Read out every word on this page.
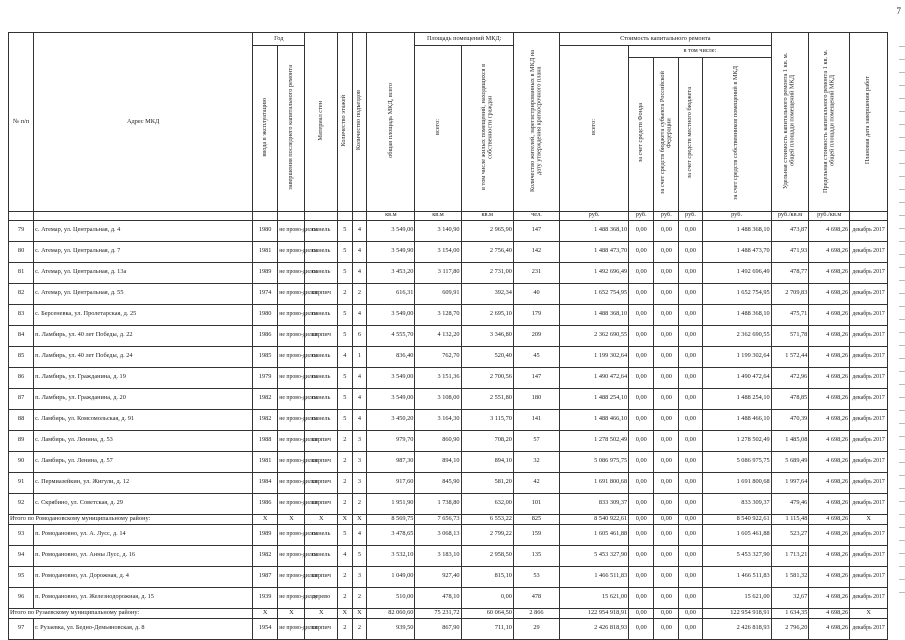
7
№ п/п	Адрес МКД	Год		Материал стен	Количество этажей	Количество подъездов	общая площадь МКД, всего	Площадь помещений МКД:		Количество жителей, зарегистрированных в МКД на дату утверждения краткосрочного плана	Стоимость капитального ремонта					Удельная стоимость капитального ремонта 1 кв. м. общей площади помещений МКД	Предельная стоимость капитального ремонта 1 кв. м. общей площади помещений МКД	Плановая дата завершения работ
		ввода в эксплуатацию	завершения последнего капитального ремонта					всего:	в том числе жилых помещений, находящихся в собственности граждан		всего:	в том числе:						
												за счет средств Фонда	за счет средств бюджета субъекта Российской Федерации	за счет средств местного бюджета	за счет средств собственников помещений в МКД			
							кв.м	кв.м	кв.м	чел.	руб.	руб.	руб.	руб.	руб.	руб./кв.м	руб./кв.м	
79	с. Атемар, ул. Центральная, д. 4	1980	не прово-дился	панель	5	4	3 549,00	3 140,90	2 965,90	147	1 488 368,10	0,00	0,00	0,00	1 488 368,10	473,87	4 698,26	декабрь 2017
80	с. Атемар, ул. Центральная, д. 7	1981	не прово-дился	панель	5	4	3 549,90	3 154,00	2 756,40	142	1 488 473,70	0,00	0,00	0,00	1 488 473,70	471,93	4 698,26	декабрь 2017
81	с. Атемар, ул. Центральная, д. 13а	1989	не прово-дился	панель	5	4	3 453,20	3 117,80	2 731,00	231	1 492 696,49	0,00	0,00	0,00	1 492 696,49	478,77	4 698,26	декабрь 2017
82	с. Атемар, ул. Центральная, д. 55	1974	не прово-дился	кирпич	2	2	616,31	609,91	392,34	40	1 652 754,95	0,00	0,00	0,00	1 652 754,95	2 709,83	4 698,26	декабрь 2017
83	с. Берсеневка, ул. Пролетарская, д. 25	1980	не прово-дился	панель	5	4	3 549,00	3 128,70	2 695,10	179	1 488 368,10	0,00	0,00	0,00	1 488 368,10	475,71	4 698,26	декабрь 2017
84	п. Ламбирь, ул. 40 лет Победы, д. 22	1986	не прово-дился	кирпич	5	6	4 555,70	4 132,20	3 346,80	209	2 362 690,55	0,00	0,00	0,00	2 362 690,55	571,78	4 698,26	декабрь 2017
85	п. Ламбирь, ул. 40 лет Победы, д. 24	1985	не прово-дился	панель	4	1	836,40	762,70	520,40	45	1 199 302,64	0,00	0,00	0,00	1 199 302,64	1 572,44	4 698,26	декабрь 2017
86	п. Ламбирь, ул. Гражданина, д. 19	1979	не прово-дился	панель	5	4	3 549,00	3 151,36	2 700,56	147	1 490 472,64	0,00	0,00	0,00	1 490 472,64	472,96	4 698,26	декабрь 2017
87	п. Ламбирь, ул. Гражданина, д. 20	1982	не прово-дился	панель	5	4	3 549,00	3 108,00	2 551,80	180	1 488 254,10	0,00	0,00	0,00	1 488 254,10	478,85	4 698,26	декабрь 2017
88	с. Ламбирь, ул. Комсомольская, д. 91	1982	не прово-дился	панель	5	4	3 450,20	3 164,30	3 115,70	141	1 488 466,10	0,00	0,00	0,00	1 488 466,10	470,39	4 698,26	декабрь 2017
89	с. Ламбирь, ул. Ленина, д. 53	1988	не прово-дился	кирпич	2	3	979,70	860,90	708,20	57	1 278 502,49	0,00	0,00	0,00	1 278 502,49	1 485,08	4 698,26	декабрь 2017
90	с. Ламбирь, ул. Ленина, д. 57	1981	не прово-дился	кирпич	2	3	987,30	894,10	894,10	32	5 086 975,75	0,00	0,00	0,00	5 086 975,75	5 689,49	4 698,26	декабрь 2017
91	с. Пермиазейкин, ул. Жигули, д. 12	1984	не прово-дился	кирпич	2	3	917,60	845,90	581,20	42	1 691 800,68	0,00	0,00	0,00	1 691 800,68	1 997,64	4 698,26	декабрь 2017
92	с. Скрябино, ул. Советская, д. 29	1986	не прово-дился	кирпич	2	2	1 951,90	1 738,80	632,00	101	833 309,37	0,00	0,00	0,00	833 309,37	479,46	4 698,26	декабрь 2017
Итого по Ромодановскому муниципальному району:		X	X	X	X	X	8 569,75	7 656,73	6 553,22	825	8 540 922,61	0,00	0,00	0,00	8 540 922,61	1 115,48	4 698,26	X
93	п. Ромодановно, ул. А. Лусс, д. 14	1989	не прово-дился	панель	5	4	3 478,65	3 068,13	2 799,22	159	1 605 461,88	0,00	0,00	0,00	1 605 461,88	523,27	4 698,26	декабрь 2017
94	п. Ромодановно, ул. Анны Лусс, д. 16	1982	не прово-дился	панель	4	5	3 532,10	3 183,10	2 958,50	135	5 453 327,90	0,00	0,00	0,00	5 453 327,90	1 713,21	4 698,26	декабрь 2017
95	п. Ромодановно, ул. Дорожная, д. 4	1987	не прово-дился	кирпич	2	3	1 049,00	927,40	815,10	53	1 466 511,83	0,00	0,00	0,00	1 466 511,83	1 581,32	4 698,26	декабрь 2017
96	п. Ромодановно, ул. Железнодорожная, д. 15	1939	не прово-дился	дерево	2	2	510,00	478,10	0,00	478	15 621,00	0,00	0,00	0,00	15 621,00	32,67	4 698,26	декабрь 2017
Итого по Рузаевскому муниципальному району:		X	X	X	X	X	82 060,60	75 231,72	60 064,50	2 866	122 954 918,91	0,00	0,00	0,00	122 954 918,91	1 634,35	4 698,26	X
97	г. Рузаевка, ул. Бедно-Демьяновская, д. 8	1954	не прово-дился	кирпич	2	2	939,50	867,90	711,10	29	2 426 818,93	0,00	0,00	0,00	2 426 818,93	2 796,20	4 698,26	декабрь 2017
